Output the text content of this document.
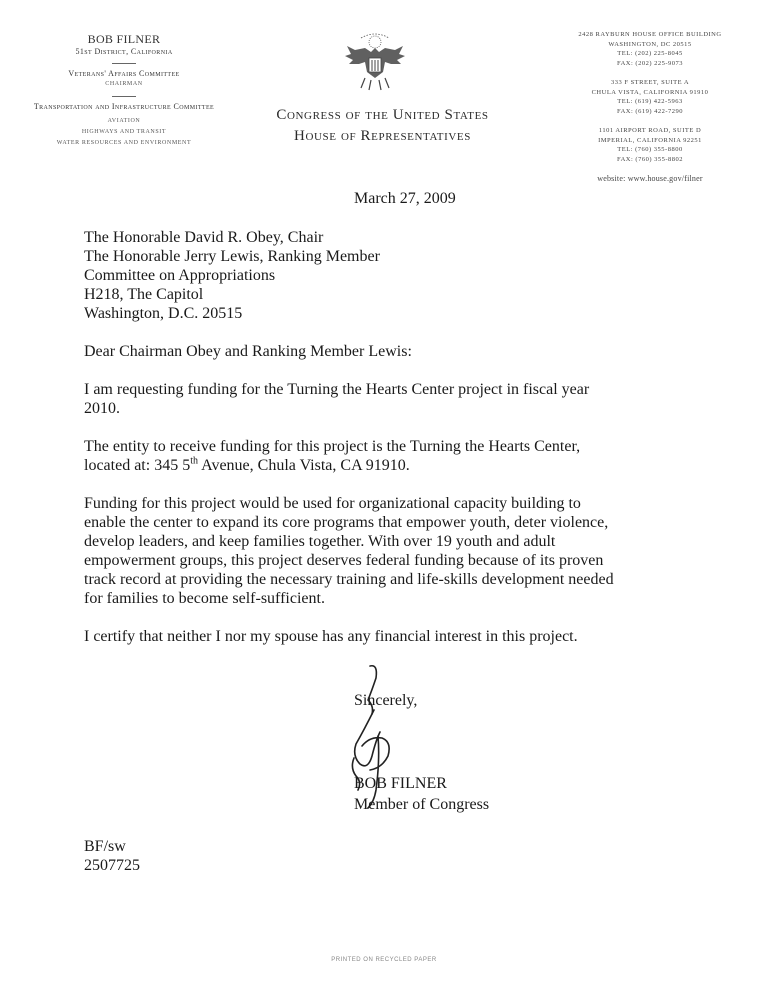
BOB FILNER
51st District, California
Veterans' Affairs Committee
CHAIRMAN
Transportation and Infrastructure Committee
AVIATION
HIGHWAYS AND TRANSIT
WATER RESOURCES AND ENVIRONMENT
Congress of the United States
House of Representatives
2428 RAYBURN HOUSE OFFICE BUILDING
WASHINGTON, DC 20515
TEL: (202) 225-8045
FAX: (202) 225-9073
333 F STREET, SUITE A
CHULA VISTA, CALIFORNIA 91910
TEL: (619) 422-5963
FAX: (619) 422-7290
1101 AIRPORT ROAD, SUITE D
IMPERIAL, CALIFORNIA 92251
TEL: (760) 355-8800
FAX: (760) 355-8802
website: www.house.gov/filner
March 27, 2009
The Honorable David R. Obey, Chair
The Honorable Jerry Lewis, Ranking Member
Committee on Appropriations
H218, The Capitol
Washington, D.C. 20515
Dear Chairman Obey and Ranking Member Lewis:
I am requesting funding for the Turning the Hearts Center project in fiscal year
2010.
The entity to receive funding for this project is the Turning the Hearts Center,
located at: 345 5th Avenue, Chula Vista, CA 91910.
Funding for this project would be used for organizational capacity building to
enable the center to expand its core programs that empower youth, deter violence,
develop leaders, and keep families together. With over 19 youth and adult
empowerment groups, this project deserves federal funding because of its proven
track record at providing the necessary training and life-skills development needed
for families to become self-sufficient.
I certify that neither I nor my spouse has any financial interest in this project.
Sincerely,
BOB FILNER
Member of Congress
BF/sw
2507725
PRINTED ON RECYCLED PAPER
